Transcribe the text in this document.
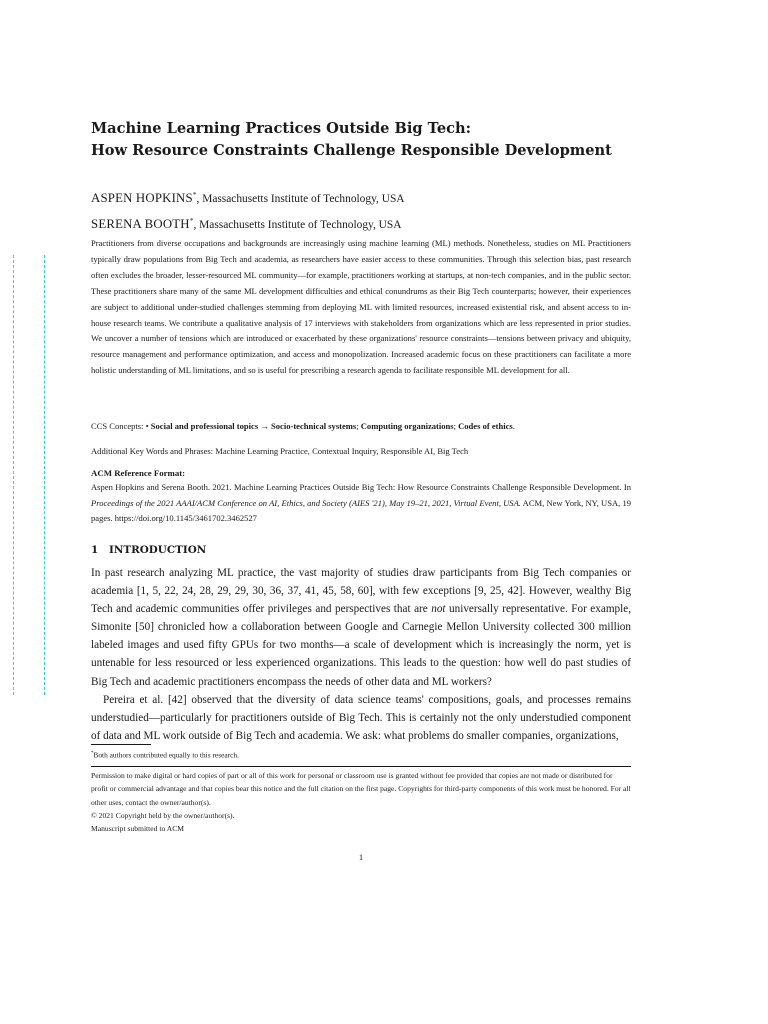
Machine Learning Practices Outside Big Tech:
How Resource Constraints Challenge Responsible Development
ASPEN HOPKINS*, Massachusetts Institute of Technology, USA
SERENA BOOTH*, Massachusetts Institute of Technology, USA
Practitioners from diverse occupations and backgrounds are increasingly using machine learning (ML) methods. Nonetheless, studies on ML Practitioners typically draw populations from Big Tech and academia, as researchers have easier access to these communities. Through this selection bias, past research often excludes the broader, lesser-resourced ML community—for example, practitioners working at startups, at non-tech companies, and in the public sector. These practitioners share many of the same ML development difficulties and ethical conundrums as their Big Tech counterparts; however, their experiences are subject to additional under-studied challenges stemming from deploying ML with limited resources, increased existential risk, and absent access to in-house research teams. We contribute a qualitative analysis of 17 interviews with stakeholders from organizations which are less represented in prior studies. We uncover a number of tensions which are introduced or exacerbated by these organizations' resource constraints—tensions between privacy and ubiquity, resource management and performance optimization, and access and monopolization. Increased academic focus on these practitioners can facilitate a more holistic understanding of ML limitations, and so is useful for prescribing a research agenda to facilitate responsible ML development for all.
CCS Concepts: • Social and professional topics → Socio-technical systems; Computing organizations; Codes of ethics.
Additional Key Words and Phrases: Machine Learning Practice, Contextual Inquiry, Responsible AI, Big Tech
ACM Reference Format:
Aspen Hopkins and Serena Booth. 2021. Machine Learning Practices Outside Big Tech: How Resource Constraints Challenge Responsible Development. In Proceedings of the 2021 AAAI/ACM Conference on AI, Ethics, and Society (AIES '21), May 19–21, 2021, Virtual Event, USA. ACM, New York, NY, USA, 19 pages. https://doi.org/10.1145/3461702.3462527
1 INTRODUCTION

In past research analyzing ML practice, the vast majority of studies draw participants from Big Tech companies or academia [1, 5, 22, 24, 28, 29, 29, 30, 36, 37, 41, 45, 58, 60], with few exceptions [9, 25, 42]. However, wealthy Big Tech and academic communities offer privileges and perspectives that are not universally representative. For example, Simonite [50] chronicled how a collaboration between Google and Carnegie Mellon University collected 300 million labeled images and used fifty GPUs for two months—a scale of development which is increasingly the norm, yet is untenable for less resourced or less experienced organizations. This leads to the question: how well do past studies of Big Tech and academic practitioners encompass the needs of other data and ML workers?

Pereira et al. [42] observed that the diversity of data science teams' compositions, goals, and processes remains understudied—particularly for practitioners outside of Big Tech. This is certainly not the only understudied component of data and ML work outside of Big Tech and academia. We ask: what problems do smaller companies, organizations,

*Both authors contributed equally to this research.
Permission to make digital or hard copies of part or all of this work for personal or classroom use is granted without fee provided that copies are not made or distributed for profit or commercial advantage and that copies bear this notice and the full citation on the first page. Copyrights for third-party components of this work must be honored. For all other uses, contact the owner/author(s).
© 2021 Copyright held by the owner/author(s).
Manuscript submitted to ACM
1
